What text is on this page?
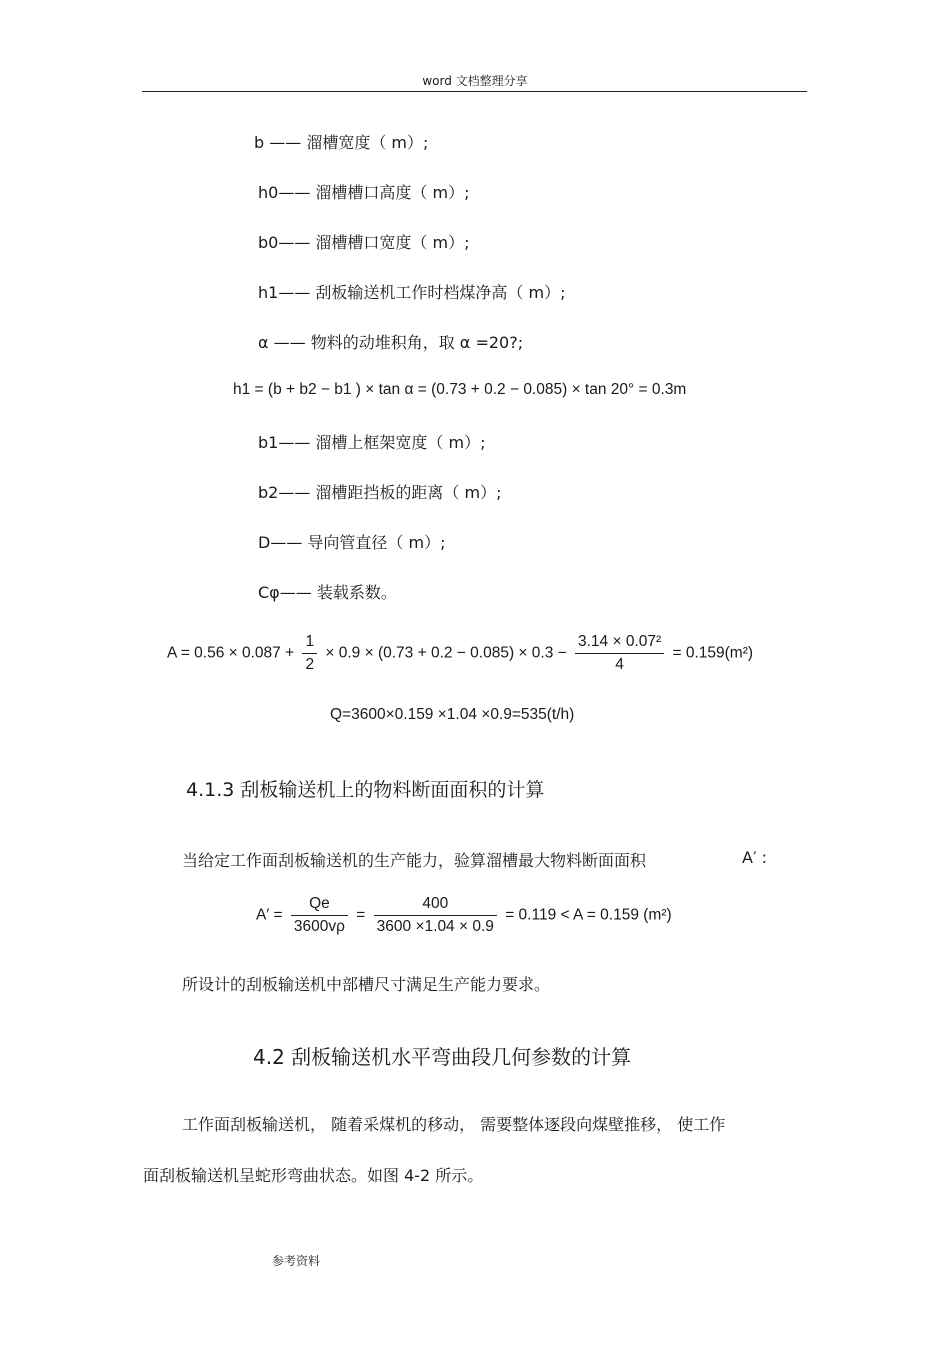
word 文档整理分享
b —— 溜槽宽度（ m）;
h0—— 溜槽槽口高度（ m）;
b0—— 溜槽槽口宽度（ m）;
h1—— 刮板输送机工作时档煤净高（ m）;
α —— 物料的动堆积角，取 α =20?;
h1 = (b + b2 − b1 ) × tan α = (0.73 + 0.2 − 0.085) × tan 20° = 0.3m
b1—— 溜槽上框架宽度（ m）;
b2—— 溜槽距挡板的距离（ m）;
D—— 导向管直径（ m）;
Cφ—— 装载系数。
$A = 0.56 \times 0.087 + \frac{1}{2} \times 0.9 \times (0.73 + 0.2 - 0.085) \times 0.3 - \frac{\text{3.14 × 0.07²}}{4} = 0.159(m^2)$
Q=3600×0.159 ×1.04 ×0.9=535(t/h)
4.1.3 刮板输送机上的物料断面面积的计算
当给定工作面刮板输送机的生产能力，验算溜槽最大物料断面面积	A′ :
$A' = \frac{Qe}{3600v\rho} = \frac{400}{3600 \times 1.04 \times 0.9} = 0.119 < A = 0.159$ (m²)
所设计的刮板输送机中部槽尺寸满足生产能力要求。
4.2 刮板输送机水平弯曲段几何参数的计算
工作面刮板输送机， 随着采煤机的移动， 需要整体逐段向煤壁推移， 使工作
面刮板输送机呈蛇形弯曲状态。如图 4-2 所示。
参考资料
